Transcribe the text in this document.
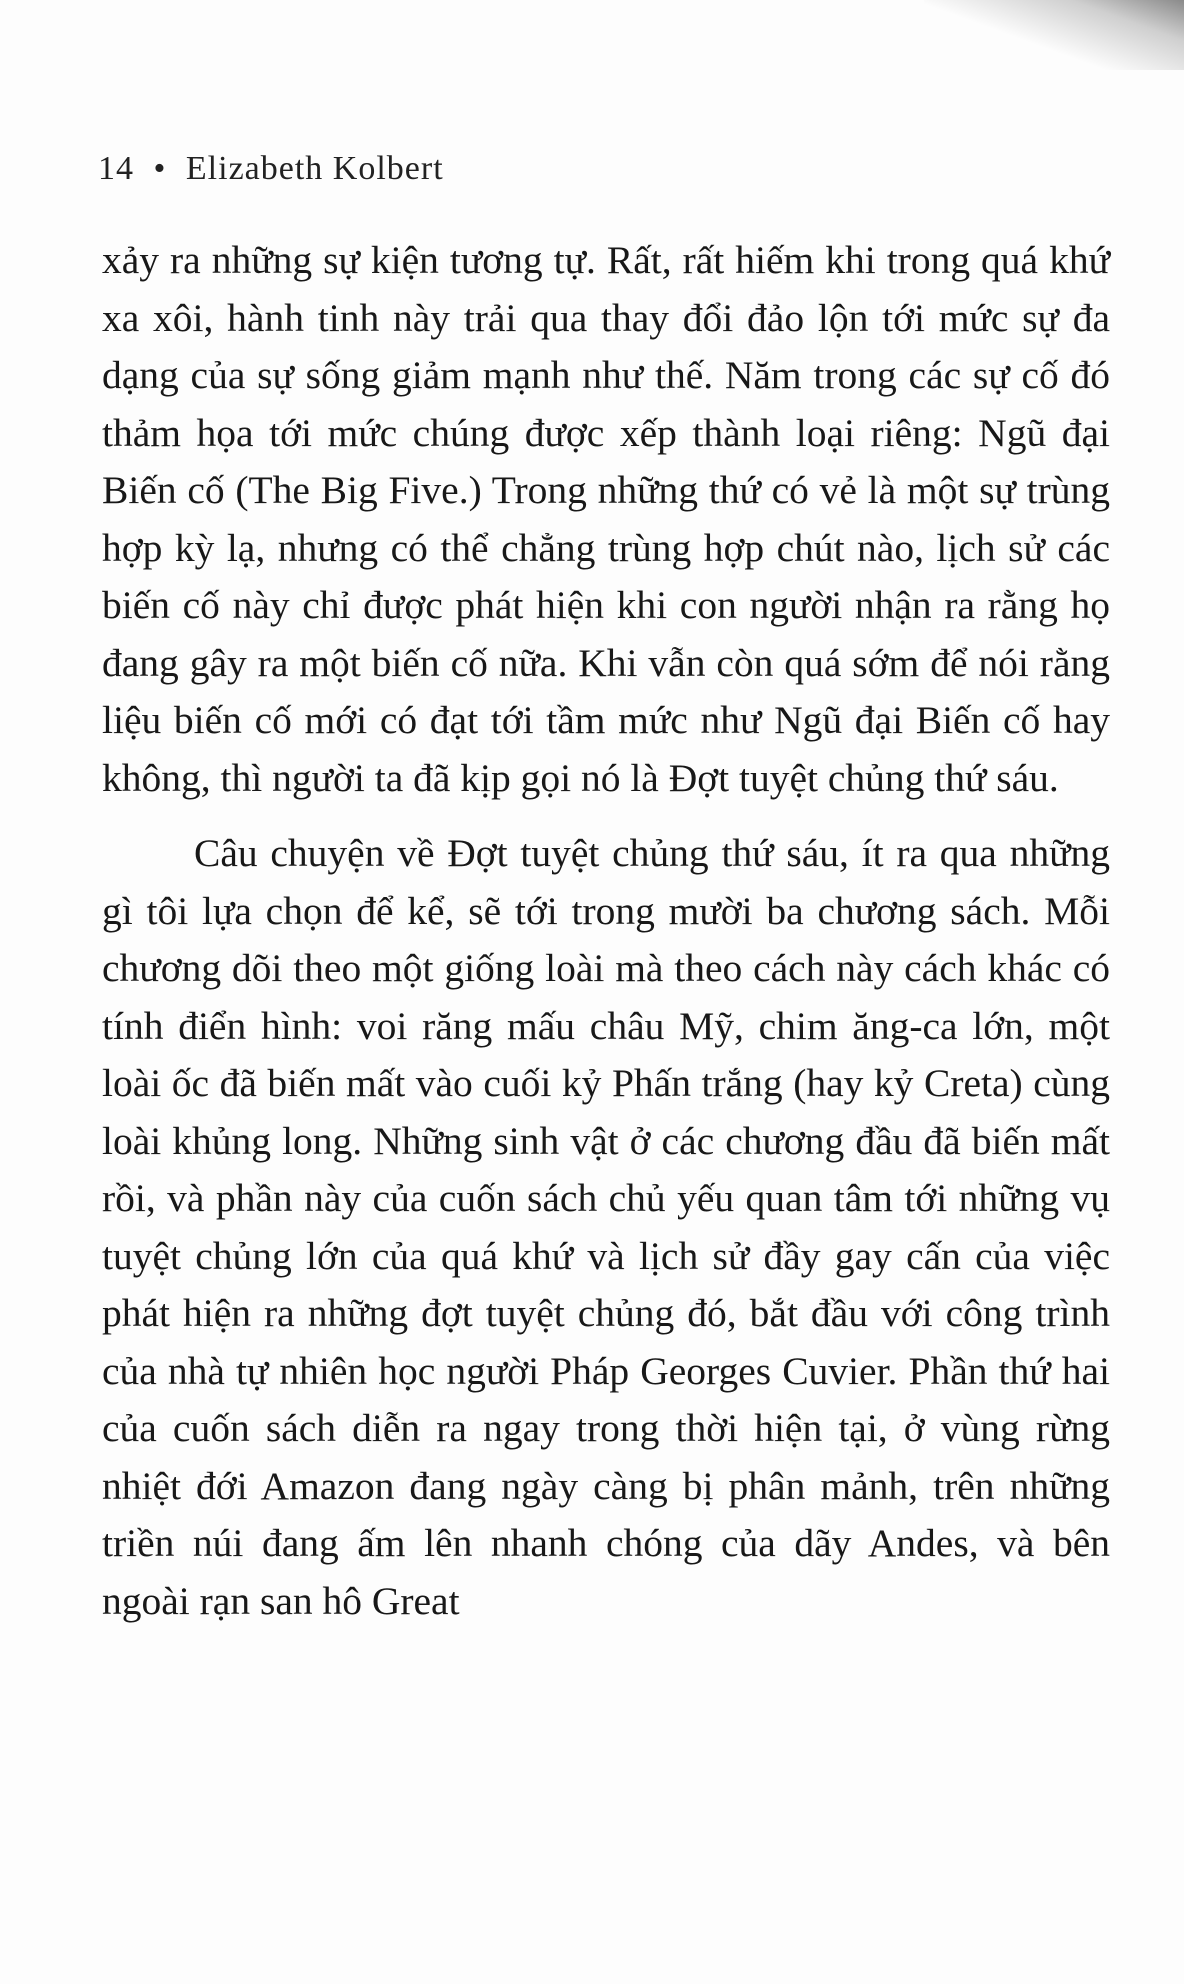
14 • Elizabeth Kolbert

xảy ra những sự kiện tương tự. Rất, rất hiếm khi trong quá khứ xa xôi, hành tinh này trải qua thay đổi đảo lộn tới mức sự đa dạng của sự sống giảm mạnh như thế. Năm trong các sự cố đó thảm họa tới mức chúng được xếp thành loại riêng: Ngũ đại Biến cố (The Big Five.) Trong những thứ có vẻ là một sự trùng hợp kỳ lạ, nhưng có thể chẳng trùng hợp chút nào, lịch sử các biến cố này chỉ được phát hiện khi con người nhận ra rằng họ đang gây ra một biến cố nữa. Khi vẫn còn quá sớm để nói rằng liệu biến cố mới có đạt tới tầm mức như Ngũ đại Biến cố hay không, thì người ta đã kịp gọi nó là Đợt tuyệt chủng thứ sáu.

Câu chuyện về Đợt tuyệt chủng thứ sáu, ít ra qua những gì tôi lựa chọn để kể, sẽ tới trong mười ba chương sách. Mỗi chương dõi theo một giống loài mà theo cách này cách khác có tính điển hình: voi răng mấu châu Mỹ, chim ăng-ca lớn, một loài ốc đã biến mất vào cuối kỷ Phấn trắng (hay kỷ Creta) cùng loài khủng long. Những sinh vật ở các chương đầu đã biến mất rồi, và phần này của cuốn sách chủ yếu quan tâm tới những vụ tuyệt chủng lớn của quá khứ và lịch sử đầy gay cấn của việc phát hiện ra những đợt tuyệt chủng đó, bắt đầu với công trình của nhà tự nhiên học người Pháp Georges Cuvier. Phần thứ hai của cuốn sách diễn ra ngay trong thời hiện tại, ở vùng rừng nhiệt đới Amazon đang ngày càng bị phân mảnh, trên những triền núi đang ấm lên nhanh chóng của dãy Andes, và bên ngoài rạn san hô Great
